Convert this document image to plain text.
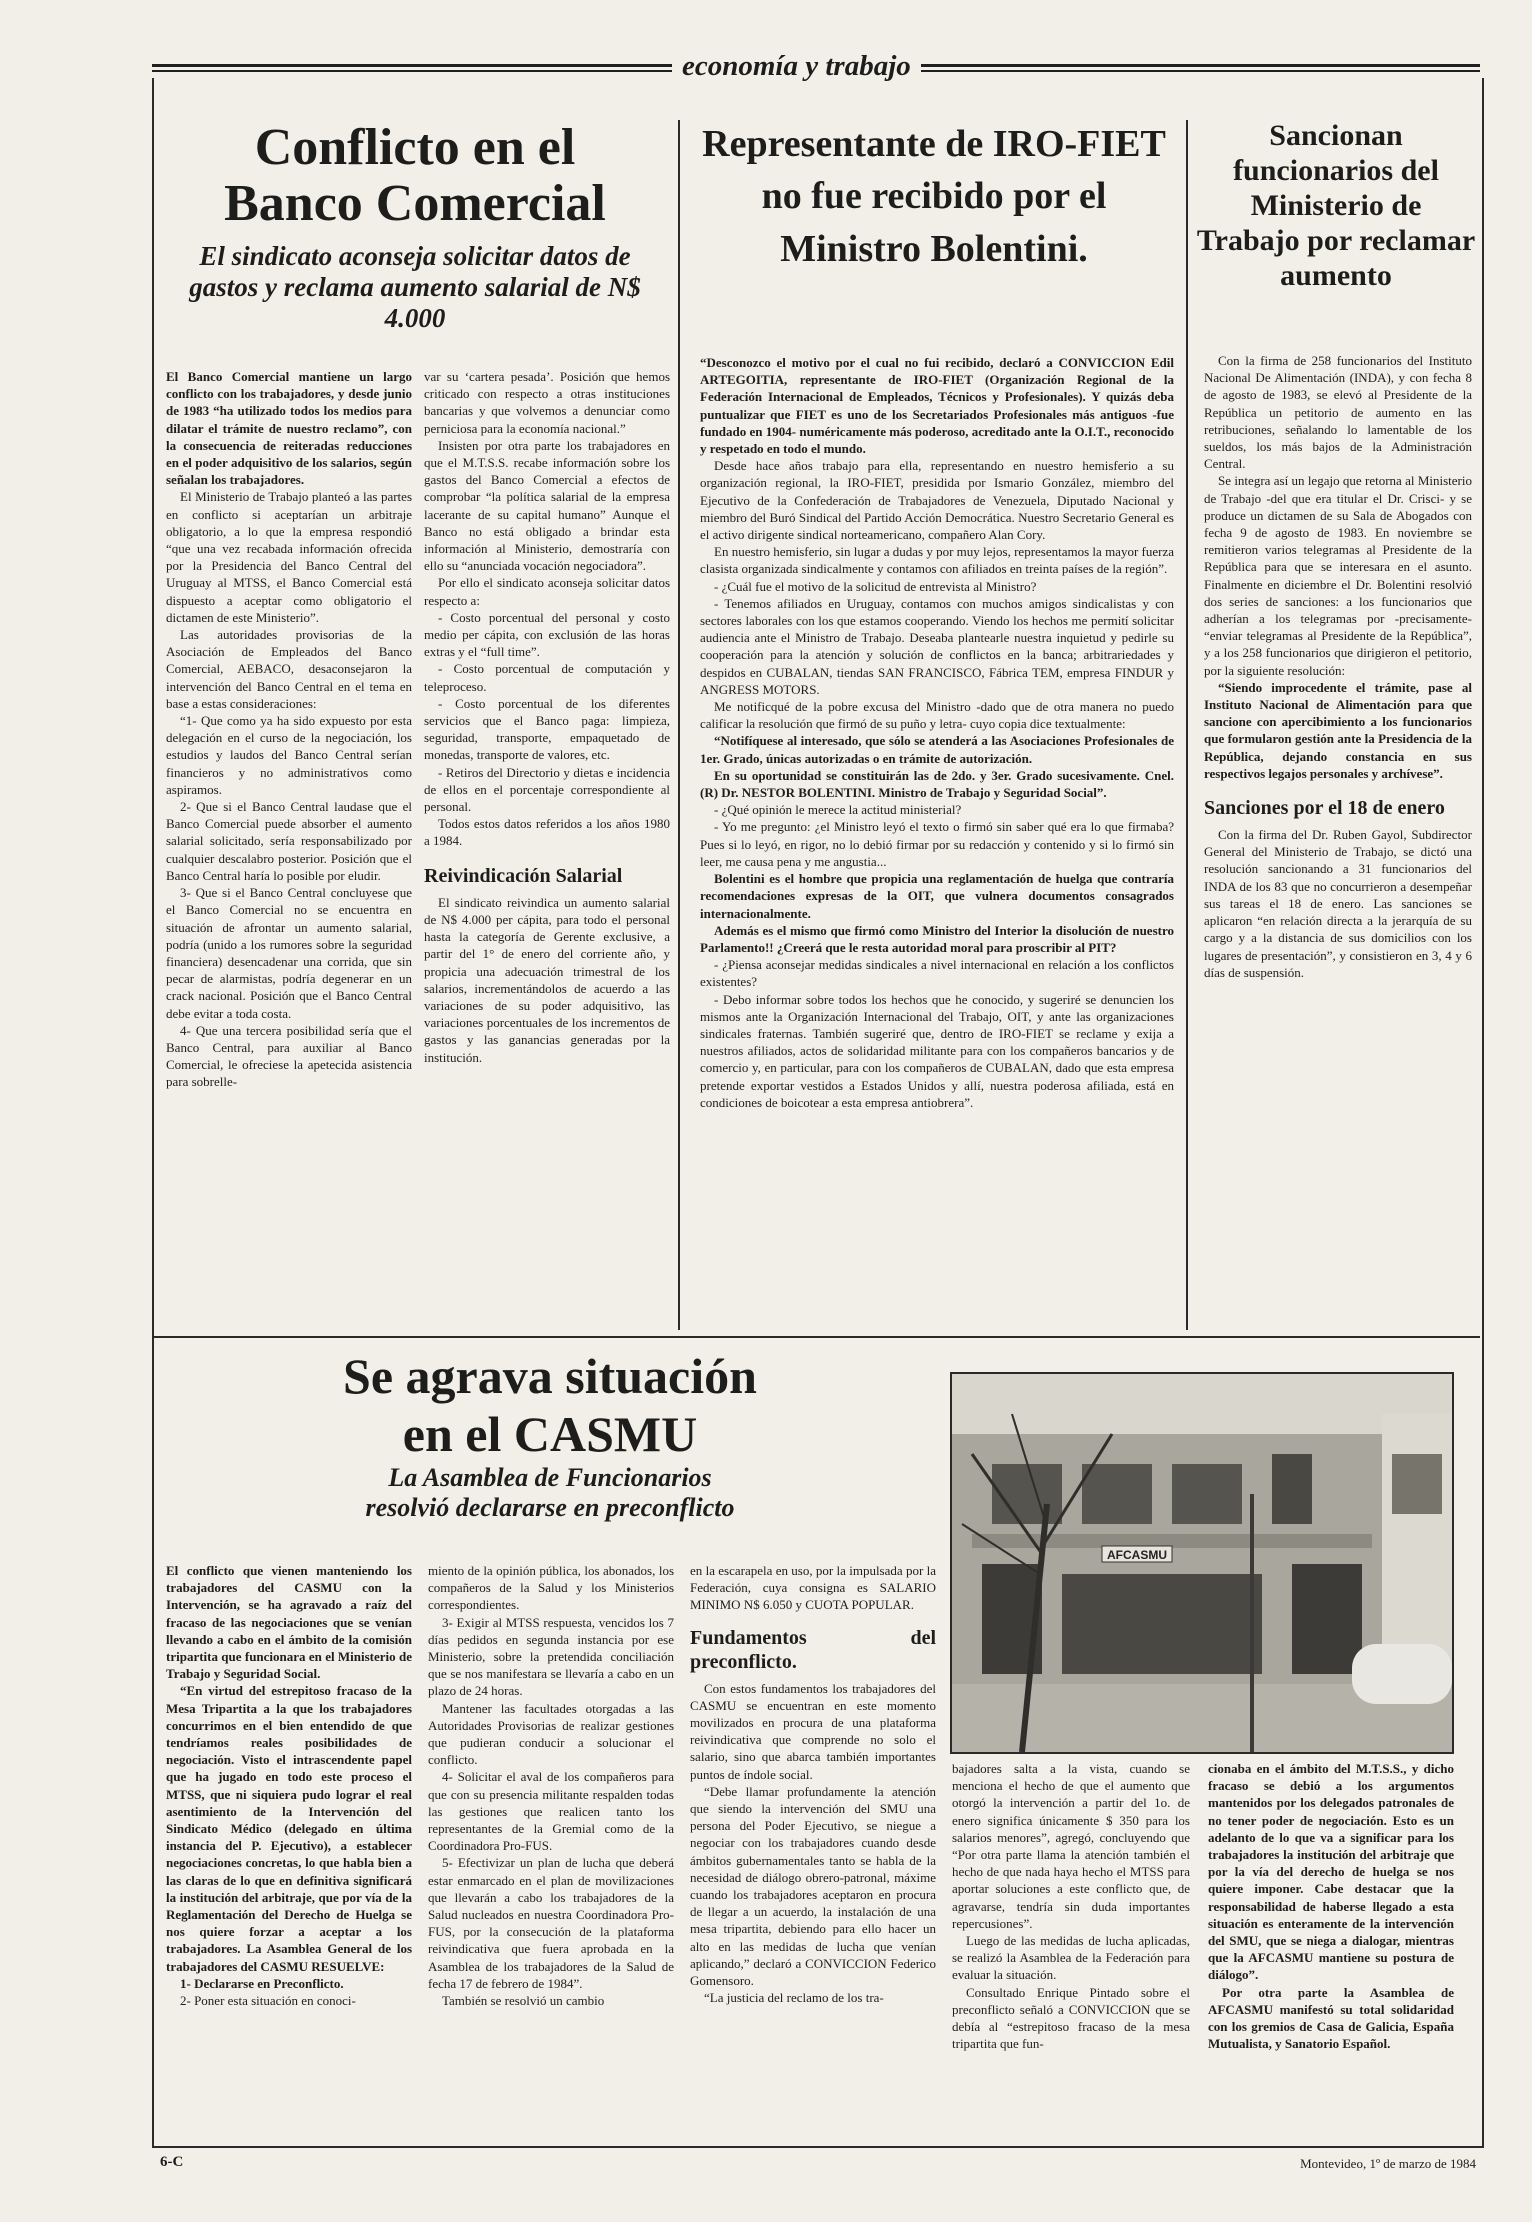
economía y trabajo
Conflicto en el
Banco Comercial

El sindicato aconseja solicitar datos de gastos y reclama aumento salarial de N$ 4.000

El Banco Comercial mantiene un largo conflicto con los trabajadores, y desde junio de 1983 “ha utilizado todos los medios para dilatar el trámite de nuestro reclamo”, con la consecuencia de reiteradas reducciones en el poder adquisitivo de los salarios, según señalan los trabajadores.

El Ministerio de Trabajo planteó a las partes en conflicto si aceptarían un arbitraje obligatorio, a lo que la empresa respondió “que una vez recabada información ofrecida por la Presidencia del Banco Central del Uruguay al MTSS, el Banco Comercial está dispuesto a aceptar como obligatorio el dictamen de este Ministerio”.

Las autoridades provisorias de la Asociación de Empleados del Banco Comercial, AEBACO, desaconsejaron la intervención del Banco Central en el tema en base a estas consideraciones:

“1- Que como ya ha sido expuesto por esta delegación en el curso de la negociación, los estudios y laudos del Banco Central serían financieros y no administrativos como aspiramos.

2- Que si el Banco Central laudase que el Banco Comercial puede absorber el aumento salarial solicitado, sería responsabilizado por cualquier descalabro posterior. Posición que el Banco Central haría lo posible por eludir.

3- Que si el Banco Central concluyese que el Banco Comercial no se encuentra en situación de afrontar un aumento salarial, podría (unido a los rumores sobre la seguridad financiera) desencadenar una corrida, que sin pecar de alarmistas, podría degenerar en un crack nacional. Posición que el Banco Central debe evitar a toda costa.

4- Que una tercera posibilidad sería que el Banco Central, para auxiliar al Banco Comercial, le ofreciese la apetecida asistencia para sobrelle-

var su ‘cartera pesada’. Posición que hemos criticado con respecto a otras instituciones bancarias y que volvemos a denunciar como perniciosa para la economía nacional.”

Insisten por otra parte los trabajadores en que el M.T.S.S. recabe información sobre los gastos del Banco Comercial a efectos de comprobar “la política salarial de la empresa lacerante de su capital humano” Aunque el Banco no está obligado a brindar esta información al Ministerio, demostraría con ello su “anunciada vocación negociadora”.

Por ello el sindicato aconseja solicitar datos respecto a:

- Costo porcentual del personal y costo medio per cápita, con exclusión de las horas extras y el “full time”.

- Costo porcentual de computación y teleproceso.

- Costo porcentual de los diferentes servicios que el Banco paga: limpieza, seguridad, transporte, empaquetado de monedas, transporte de valores, etc.

- Retiros del Directorio y dietas e incidencia de ellos en el porcentaje correspondiente al personal.

Todos estos datos referidos a los años 1980 a 1984.

Reivindicación Salarial

El sindicato reivindica un aumento salarial de N$ 4.000 per cápita, para todo el personal hasta la categoría de Gerente exclusive, a partir del 1° de enero del corriente año, y propicia una adecuación trimestral de los salarios, incrementándolos de acuerdo a las variaciones de su poder adquisitivo, las variaciones porcentuales de los incrementos de gastos y las ganancias generadas por la institución.

Representante de IRO-FIET no fue recibido por el Ministro Bolentini.

“Desconozco el motivo por el cual no fui recibido, declaró a CONVICCION Edil ARTEGOITIA, representante de IRO-FIET (Organización Regional de la Federación Internacional de Empleados, Técnicos y Profesionales). Y quizás deba puntualizar que FIET es uno de los Secretariados Profesionales más antiguos -fue fundado en 1904- numéricamente más poderoso, acreditado ante la O.I.T., reconocido y respetado en todo el mundo.

Desde hace años trabajo para ella, representando en nuestro hemisferio a su organización regional, la IRO-FIET, presidida por Ismario González, miembro del Ejecutivo de la Confederación de Trabajadores de Venezuela, Diputado Nacional y miembro del Buró Sindical del Partido Acción Democrática. Nuestro Secretario General es el activo dirigente sindical norteamericano, compañero Alan Cory.

En nuestro hemisferio, sin lugar a dudas y por muy lejos, representamos la mayor fuerza clasista organizada sindicalmente y contamos con afiliados en treinta países de la región”.

- ¿Cuál fue el motivo de la solicitud de entrevista al Ministro?

- Tenemos afiliados en Uruguay, contamos con muchos amigos sindicalistas y con sectores laborales con los que estamos cooperando. Viendo los hechos me permití solicitar audiencia ante el Ministro de Trabajo. Deseaba plantearle nuestra inquietud y pedirle su cooperación para la atención y solución de conflictos en la banca; arbitrariedades y despidos en CUBALAN, tiendas SAN FRANCISCO, Fábrica TEM, empresa FINDUR y ANGRESS MOTORS.

Me notificqué de la pobre excusa del Ministro -dado que de otra manera no puedo calificar la resolución que firmó de su puño y letra- cuyo copia dice textualmente:

“Notifíquese al interesado, que sólo se atenderá a las Asociaciones Profesionales de 1er. Grado, únicas autorizadas o en trámite de autorización.

En su oportunidad se constituirán las de 2do. y 3er. Grado sucesivamente. Cnel. (R) Dr. NESTOR BOLENTINI. Ministro de Trabajo y Seguridad Social”.

- ¿Qué opinión le merece la actitud ministerial?

- Yo me pregunto: ¿el Ministro leyó el texto o firmó sin saber qué era lo que firmaba? Pues si lo leyó, en rigor, no lo debió firmar por su redacción y contenido y si lo firmó sin leer, me causa pena y me angustia...

Bolentini es el hombre que propicia una reglamentación de huelga que contraría recomendaciones expresas de la OIT, que vulnera documentos consagrados internacionalmente.

Además es el mismo que firmó como Ministro del Interior la disolución de nuestro Parlamento!! ¿Creerá que le resta autoridad moral para proscribir al PIT?

- ¿Piensa aconsejar medidas sindicales a nivel internacional en relación a los conflictos existentes?

- Debo informar sobre todos los hechos que he conocido, y sugeriré se denuncien los mismos ante la Organización Internacional del Trabajo, OIT, y ante las organizaciones sindicales fraternas. También sugeriré que, dentro de IRO-FIET se reclame y exija a nuestros afiliados, actos de solidaridad militante para con los compañeros bancarios y de comercio y, en particular, para con los compañeros de CUBALAN, dado que esta empresa pretende exportar vestidos a Estados Unidos y allí, nuestra poderosa afiliada, está en condiciones de boicotear a esta empresa antiobrera”.

Sancionan funcionarios del Ministerio de Trabajo por reclamar aumento

Con la firma de 258 funcionarios del Instituto Nacional De Alimentación (INDA), y con fecha 8 de agosto de 1983, se elevó al Presidente de la República un petitorio de aumento en las retribuciones, señalando lo lamentable de los sueldos, los más bajos de la Administración Central.

Se integra así un legajo que retorna al Ministerio de Trabajo -del que era titular el Dr. Crisci- y se produce un dictamen de su Sala de Abogados con fecha 9 de agosto de 1983. En noviembre se remitieron varios telegramas al Presidente de la República para que se interesara en el asunto. Finalmente en diciembre el Dr. Bolentini resolvió dos series de sanciones: a los funcionarios que adherían a los telegramas por -precisamente- “enviar telegramas al Presidente de la República”, y a los 258 funcionarios que dirigieron el petitorio, por la siguiente resolución:

“Siendo improcedente el trámite, pase al Instituto Nacional de Alimentación para que sancione con apercibimiento a los funcionarios que formularon gestión ante la Presidencia de la República, dejando constancia en sus respectivos legajos personales y archívese”.

Sanciones por el 18 de enero

Con la firma del Dr. Ruben Gayol, Subdirector General del Ministerio de Trabajo, se dictó una resolución sancionando a 31 funcionarios del INDA de los 83 que no concurrieron a desempeñar sus tareas el 18 de enero. Las sanciones se aplicaron “en relación directa a la jerarquía de su cargo y a la distancia de sus domicilios con los lugares de presentación”, y consistieron en 3, 4 y 6 días de suspensión.

Se agrava situación
en el CASMU

La Asamblea de Funcionarios

resolvió declararse en preconflicto

AFCASMU

El conflicto que vienen manteniendo los trabajadores del CASMU con la Intervención, se ha agravado a raíz del fracaso de las negociaciones que se venían llevando a cabo en el ámbito de la comisión tripartita que funcionara en el Ministerio de Trabajo y Seguridad Social.

“En virtud del estrepitoso fracaso de la Mesa Tripartita a la que los trabajadores concurrimos en el bien entendido de que tendríamos reales posibilidades de negociación. Visto el intrascendente papel que ha jugado en todo este proceso el MTSS, que ni siquiera pudo lograr el real asentimiento de la Intervención del Sindicato Médico (delegado en última instancia del P. Ejecutivo), a establecer negociaciones concretas, lo que habla bien a las claras de lo que en definitiva significará la institución del arbitraje, que por vía de la Reglamentación del Derecho de Huelga se nos quiere forzar a aceptar a los trabajadores. La Asamblea General de los trabajadores del CASMU RESUELVE:

1- Declararse en Preconflicto.

2- Poner esta situación en conoci-

miento de la opinión pública, los abonados, los compañeros de la Salud y los Ministerios correspondientes.

3- Exigir al MTSS respuesta, vencidos los 7 días pedidos en segunda instancia por ese Ministerio, sobre la pretendida conciliación que se nos manifestara se llevaría a cabo en un plazo de 24 horas.

Mantener las facultades otorgadas a las Autoridades Provisorias de realizar gestiones que pudieran conducir a solucionar el conflicto.

4- Solicitar el aval de los compañeros para que con su presencia militante respalden todas las gestiones que realicen tanto los representantes de la Gremial como de la Coordinadora Pro-FUS.

5- Efectivizar un plan de lucha que deberá estar enmarcado en el plan de movilizaciones que llevarán a cabo los trabajadores de la Salud nucleados en nuestra Coordinadora Pro-FUS, por la consecución de la plataforma reivindicativa que fuera aprobada en la Asamblea de los trabajadores de la Salud de fecha 17 de febrero de 1984”.

También se resolvió un cambio

en la escarapela en uso, por la impulsada por la Federación, cuya consigna es SALARIO MINIMO N$ 6.050 y CUOTA POPULAR.

Fundamentos del preconflicto.

Con estos fundamentos los trabajadores del CASMU se encuentran en este momento movilizados en procura de una plataforma reivindicativa que comprende no solo el salario, sino que abarca también importantes puntos de índole social.

“Debe llamar profundamente la atención que siendo la intervención del SMU una persona del Poder Ejecutivo, se niegue a negociar con los trabajadores cuando desde ámbitos gubernamentales tanto se habla de la necesidad de diálogo obrero-patronal, máxime cuando los trabajadores aceptaron en procura de llegar a un acuerdo, la instalación de una mesa tripartita, debiendo para ello hacer un alto en las medidas de lucha que venían aplicando,” declaró a CONVICCION Federico Gomensoro.

“La justicia del reclamo de los tra-

bajadores salta a la vista, cuando se menciona el hecho de que el aumento que otorgó la intervención a partir del 1o. de enero significa únicamente $ 350 para los salarios menores”, agregó, concluyendo que “Por otra parte llama la atención también el hecho de que nada haya hecho el MTSS para aportar soluciones a este conflicto que, de agravarse, tendría sin duda importantes repercusiones”.

Luego de las medidas de lucha aplicadas, se realizó la Asamblea de la Federación para evaluar la situación.

Consultado Enrique Pintado sobre el preconflicto señaló a CONVICCION que se debía al “estrepitoso fracaso de la mesa tripartita que fun-

cionaba en el ámbito del M.T.S.S., y dicho fracaso se debió a los argumentos mantenidos por los delegados patronales de no tener poder de negociación. Esto es un adelanto de lo que va a significar para los trabajadores la institución del arbitraje que por la vía del derecho de huelga se nos quiere imponer. Cabe destacar que la responsabilidad de haberse llegado a esta situación es enteramente de la intervención del SMU, que se niega a dialogar, mientras que la AFCASMU mantiene su postura de diálogo”.

Por otra parte la Asamblea de AFCASMU manifestó su total solidaridad con los gremios de Casa de Galicia, España Mutualista, y Sanatorio Español.

6-C	Montevideo, 1º de marzo de 1984
